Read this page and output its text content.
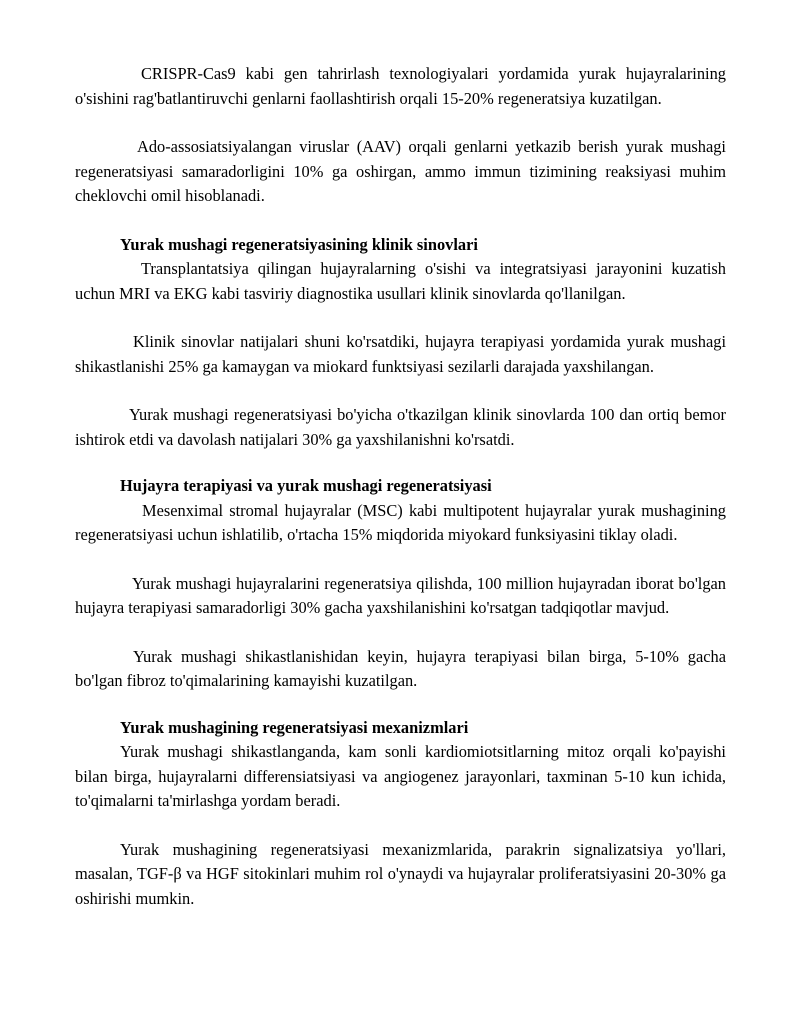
CRISPR-Cas9 kabi gen tahrirlash texnologiyalari yordamida yurak hujayralarining o'sishini rag'batlantiruvchi genlarni faollashtirish orqali 15-20% regeneratsiya kuzatilgan.

Ado-assosiatsiyalangan viruslar (AAV) orqali genlarni yetkazib berish yurak mushagi regeneratsiyasi samaradorligini 10% ga oshirgan, ammo immun tizimining reaksiyasi muhim cheklovchi omil hisoblanadi.

Yurak mushagi regeneratsiyasining klinik sinovlari

Transplantatsiya qilingan hujayralarning o'sishi va integratsiyasi jarayonini kuzatish uchun MRI va EKG kabi tasviriy diagnostika usullari klinik sinovlarda qo'llanilgan.

Klinik sinovlar natijalari shuni ko'rsatdiki, hujayra terapiyasi yordamida yurak mushagi shikastlanishi 25% ga kamaygan va miokard funktsiyasi sezilarli darajada yaxshilangan.

Yurak mushagi regeneratsiyasi bo'yicha o'tkazilgan klinik sinovlarda 100 dan ortiq bemor ishtirok etdi va davolash natijalari 30% ga yaxshilanishni ko'rsatdi.

Hujayra terapiyasi va yurak mushagi regeneratsiyasi

Mesenximal stromal hujayralar (MSC) kabi multipotent hujayralar yurak mushagining regeneratsiyasi uchun ishlatilib, o'rtacha 15% miqdorida miyokard funksiyasini tiklay oladi.

Yurak mushagi hujayralarini regeneratsiya qilishda, 100 million hujayradan iborat bo'lgan hujayra terapiyasi samaradorligi 30% gacha yaxshilanishini ko'rsatgan tadqiqotlar mavjud.

Yurak mushagi shikastlanishidan keyin, hujayra terapiyasi bilan birga, 5-10% gacha bo'lgan fibroz to'qimalarining kamayishi kuzatilgan.

Yurak mushagining regeneratsiyasi mexanizmlari

Yurak mushagi shikastlanganda, kam sonli kardiomiotsitlarning mitoz orqali ko'payishi bilan birga, hujayralarni differensiatsiyasi va angiogenez jarayonlari, taxminan 5-10 kun ichida, to'qimalarni ta'mirlashga yordam beradi.

Yurak mushagining regeneratsiyasi mexanizmlarida, parakrin signalizatsiya yo'llari, masalan, TGF-β va HGF sitokinlari muhim rol o'ynaydi va hujayralar proliferatsiyasini 20-30% ga oshirishi mumkin.
